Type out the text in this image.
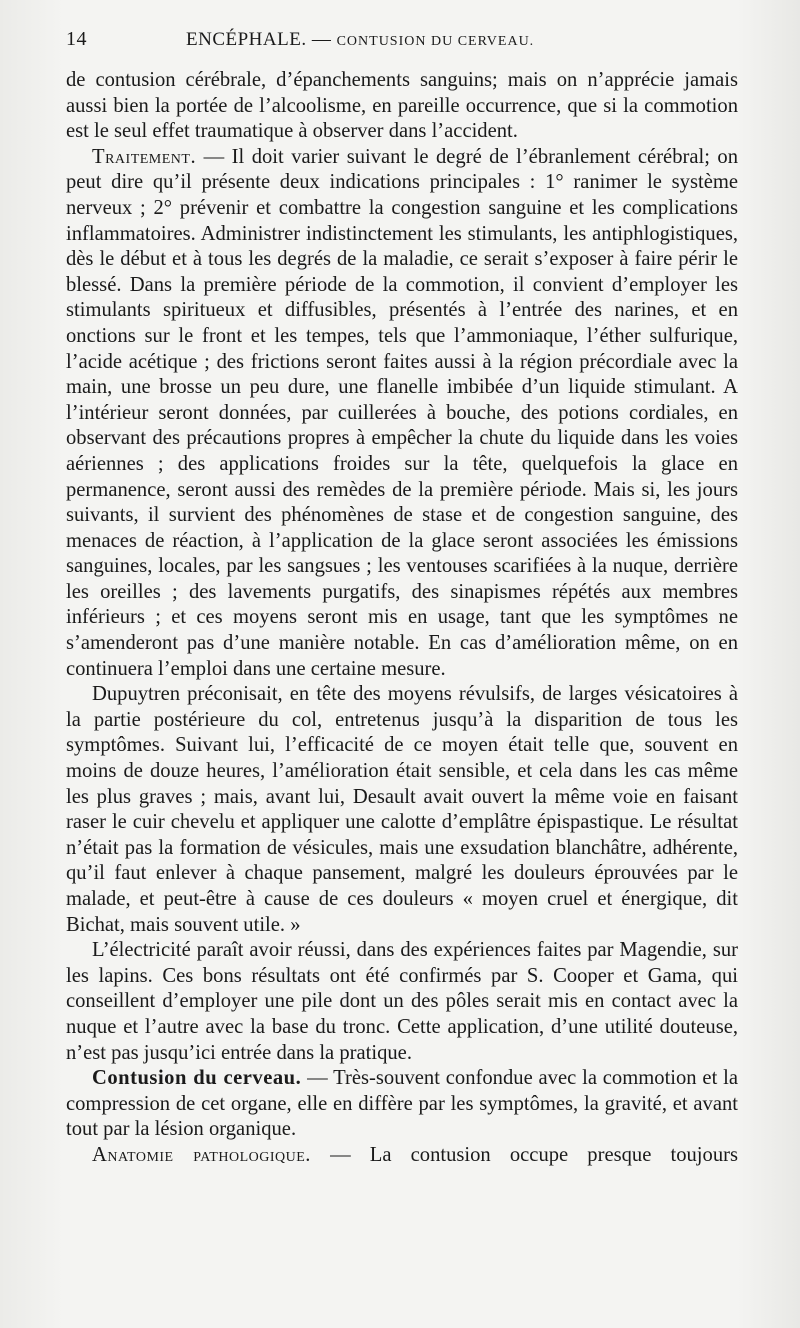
14	ENCÉPHALE. — CONTUSION DU CERVEAU.

de contusion cérébrale, d’épanchements sanguins; mais on n’apprécie jamais aussi bien la portée de l’alcoolisme, en pareille occurrence, que si la commotion est le seul effet traumatique à observer dans l’accident.

Traitement. — Il doit varier suivant le degré de l’ébranlement cérébral; on peut dire qu’il présente deux indications principales : 1° ranimer le système nerveux ; 2° prévenir et combattre la congestion sanguine et les complications inflammatoires. Administrer indistinctement les stimulants, les antiphlogistiques, dès le début et à tous les degrés de la maladie, ce serait s’exposer à faire périr le blessé. Dans la première période de la commotion, il convient d’employer les stimulants spiritueux et diffusibles, présentés à l’entrée des narines, et en onctions sur le front et les tempes, tels que l’ammoniaque, l’éther sulfurique, l’acide acétique ; des frictions seront faites aussi à la région précordiale avec la main, une brosse un peu dure, une flanelle imbibée d’un liquide stimulant. A l’intérieur seront données, par cuillerées à bouche, des potions cordiales, en observant des précautions propres à empêcher la chute du liquide dans les voies aériennes ; des applications froides sur la tête, quelquefois la glace en permanence, seront aussi des remèdes de la première période. Mais si, les jours suivants, il survient des phénomènes de stase et de congestion sanguine, des menaces de réaction, à l’application de la glace seront associées les émissions sanguines, locales, par les sangsues ; les ventouses scarifiées à la nuque, derrière les oreilles ; des lavements purgatifs, des sinapismes répétés aux membres inférieurs ; et ces moyens seront mis en usage, tant que les symptômes ne s’amenderont pas d’une manière notable. En cas d’amélioration même, on en continuera l’emploi dans une certaine mesure.

Dupuytren préconisait, en tête des moyens révulsifs, de larges vésicatoires à la partie postérieure du col, entretenus jusqu’à la disparition de tous les symptômes. Suivant lui, l’efficacité de ce moyen était telle que, souvent en moins de douze heures, l’amélioration était sensible, et cela dans les cas même les plus graves ; mais, avant lui, Desault avait ouvert la même voie en faisant raser le cuir chevelu et appliquer une calotte d’emplâtre épispastique. Le résultat n’était pas la formation de vésicules, mais une exsudation blanchâtre, adhérente, qu’il faut enlever à chaque pansement, malgré les douleurs éprouvées par le malade, et peut-être à cause de ces douleurs « moyen cruel et énergique, dit Bichat, mais souvent utile. »

L’électricité paraît avoir réussi, dans des expériences faites par Magendie, sur les lapins. Ces bons résultats ont été confirmés par S. Cooper et Gama, qui conseillent d’employer une pile dont un des pôles serait mis en contact avec la nuque et l’autre avec la base du tronc. Cette application, d’une utilité douteuse, n’est pas jusqu’ici entrée dans la pratique.

Contusion du cerveau. — Très-souvent confondue avec la commotion et la compression de cet organe, elle en diffère par les symptômes, la gravité, et avant tout par la lésion organique.

Anatomie pathologique. — La contusion occupe presque toujours
